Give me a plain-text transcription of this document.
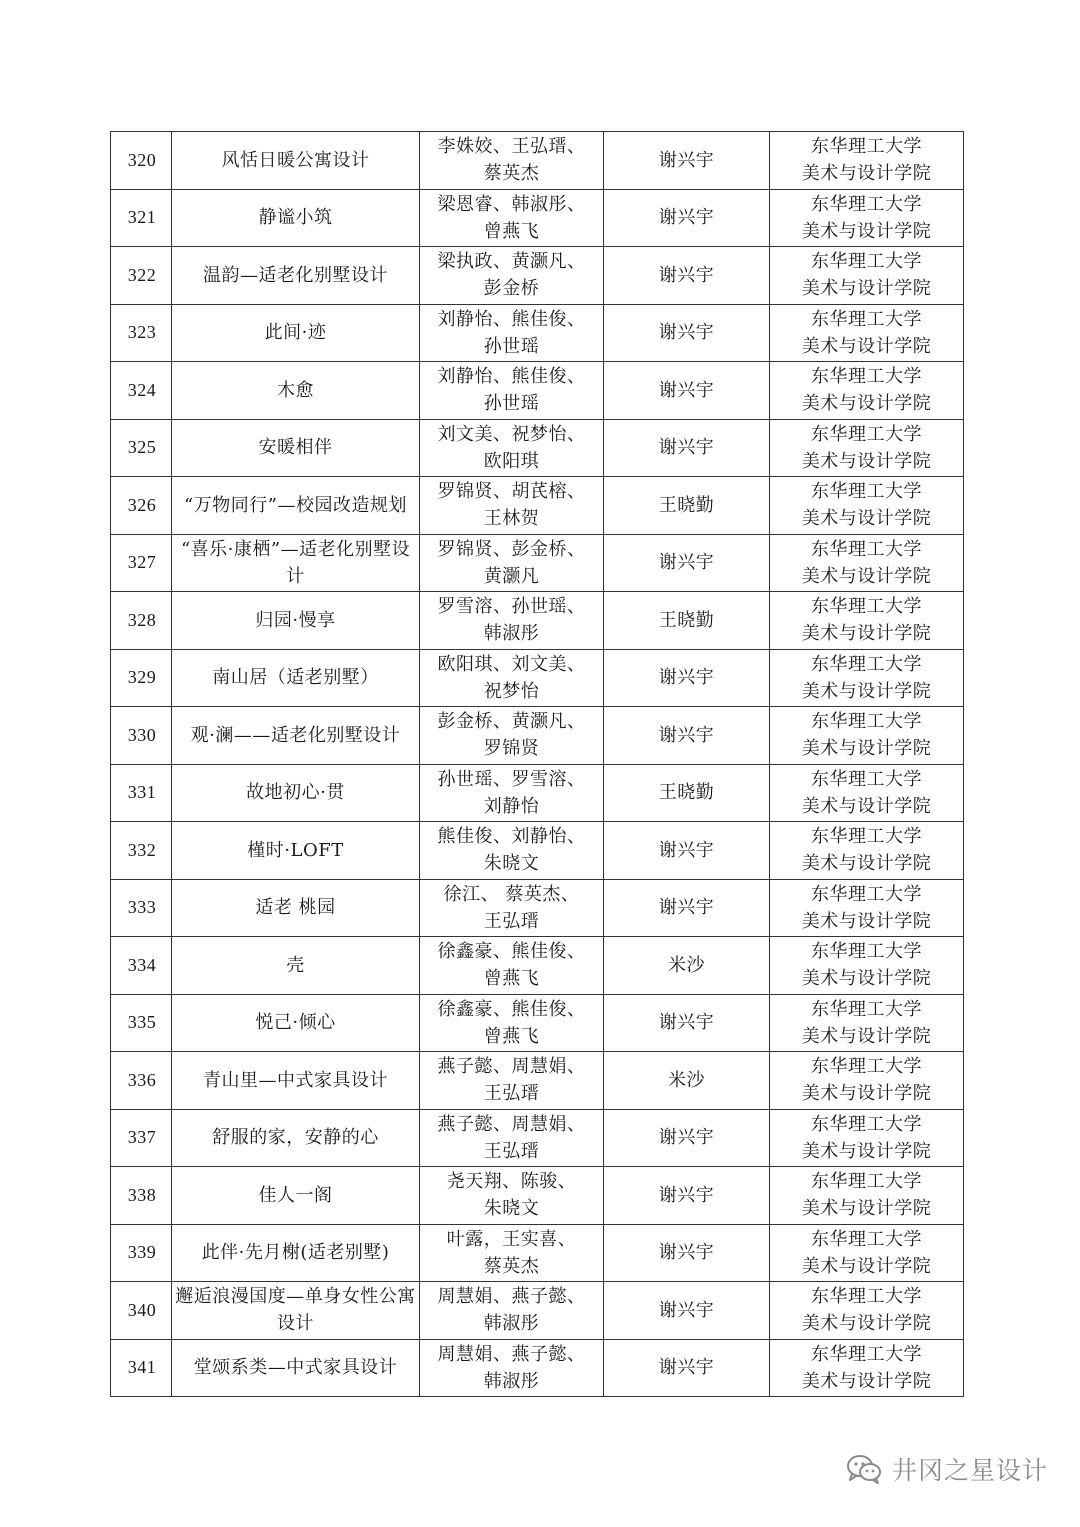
320	风恬日暖公寓设计	李姝姣、王弘瑨、
蔡英杰	谢兴宇	东华理工大学
美术与设计学院

321	静谧小筑	梁恩睿、韩淑彤、
曾燕飞	谢兴宇	东华理工大学
美术与设计学院

322	温韵—适老化别墅设计	梁执政、黄灏凡、
彭金桥	谢兴宇	东华理工大学
美术与设计学院

323	此间·迹	刘静怡、熊佳俊、
孙世瑶	谢兴宇	东华理工大学
美术与设计学院

324	木愈	刘静怡、熊佳俊、
孙世瑶	谢兴宇	东华理工大学
美术与设计学院

325	安暖相伴	刘文美、祝梦怡、
欧阳琪	谢兴宇	东华理工大学
美术与设计学院

326	“万物同行”—校园改造规划	罗锦贤、胡芪榕、
王林贺	王晓勤	东华理工大学
美术与设计学院

327	“喜乐·康栖”—适老化别墅设计	罗锦贤、彭金桥、
黄灏凡	谢兴宇	东华理工大学
美术与设计学院

328	归园·慢享	罗雪溶、孙世瑶、
韩淑彤	王晓勤	东华理工大学
美术与设计学院

329	南山居（适老别墅）	欧阳琪、刘文美、
祝梦怡	谢兴宇	东华理工大学
美术与设计学院

330	观·澜——适老化别墅设计	彭金桥、黄灏凡、
罗锦贤	谢兴宇	东华理工大学
美术与设计学院

331	故地初心·贯	孙世瑶、罗雪溶、
刘静怡	王晓勤	东华理工大学
美术与设计学院

332	槿时·LOFT	熊佳俊、刘静怡、
朱晓文	谢兴宇	东华理工大学
美术与设计学院

333	适老 桃园	徐江、 蔡英杰、
王弘瑨	谢兴宇	东华理工大学
美术与设计学院

334	壳	徐鑫豪、熊佳俊、
曾燕飞	米沙	东华理工大学
美术与设计学院

335	悦己·倾心	徐鑫豪、熊佳俊、
曾燕飞	谢兴宇	东华理工大学
美术与设计学院

336	青山里—中式家具设计	燕子懿、周慧娟、
王弘瑨	米沙	东华理工大学
美术与设计学院

337	舒服的家，安静的心	燕子懿、周慧娟、
王弘瑨	谢兴宇	东华理工大学
美术与设计学院

338	佳人一阁	尧天翔、陈骏、
朱晓文	谢兴宇	东华理工大学
美术与设计学院

339	此伴·先月榭(适老别墅)	叶露，王实喜、
蔡英杰	谢兴宇	东华理工大学
美术与设计学院

340	邂逅浪漫国度—单身女性公寓设计	周慧娟、燕子懿、
韩淑彤	谢兴宇	东华理工大学
美术与设计学院

341	堂颂系类—中式家具设计	周慧娟、燕子懿、
韩淑彤	谢兴宇	东华理工大学
美术与设计学院
井冈之星设计
